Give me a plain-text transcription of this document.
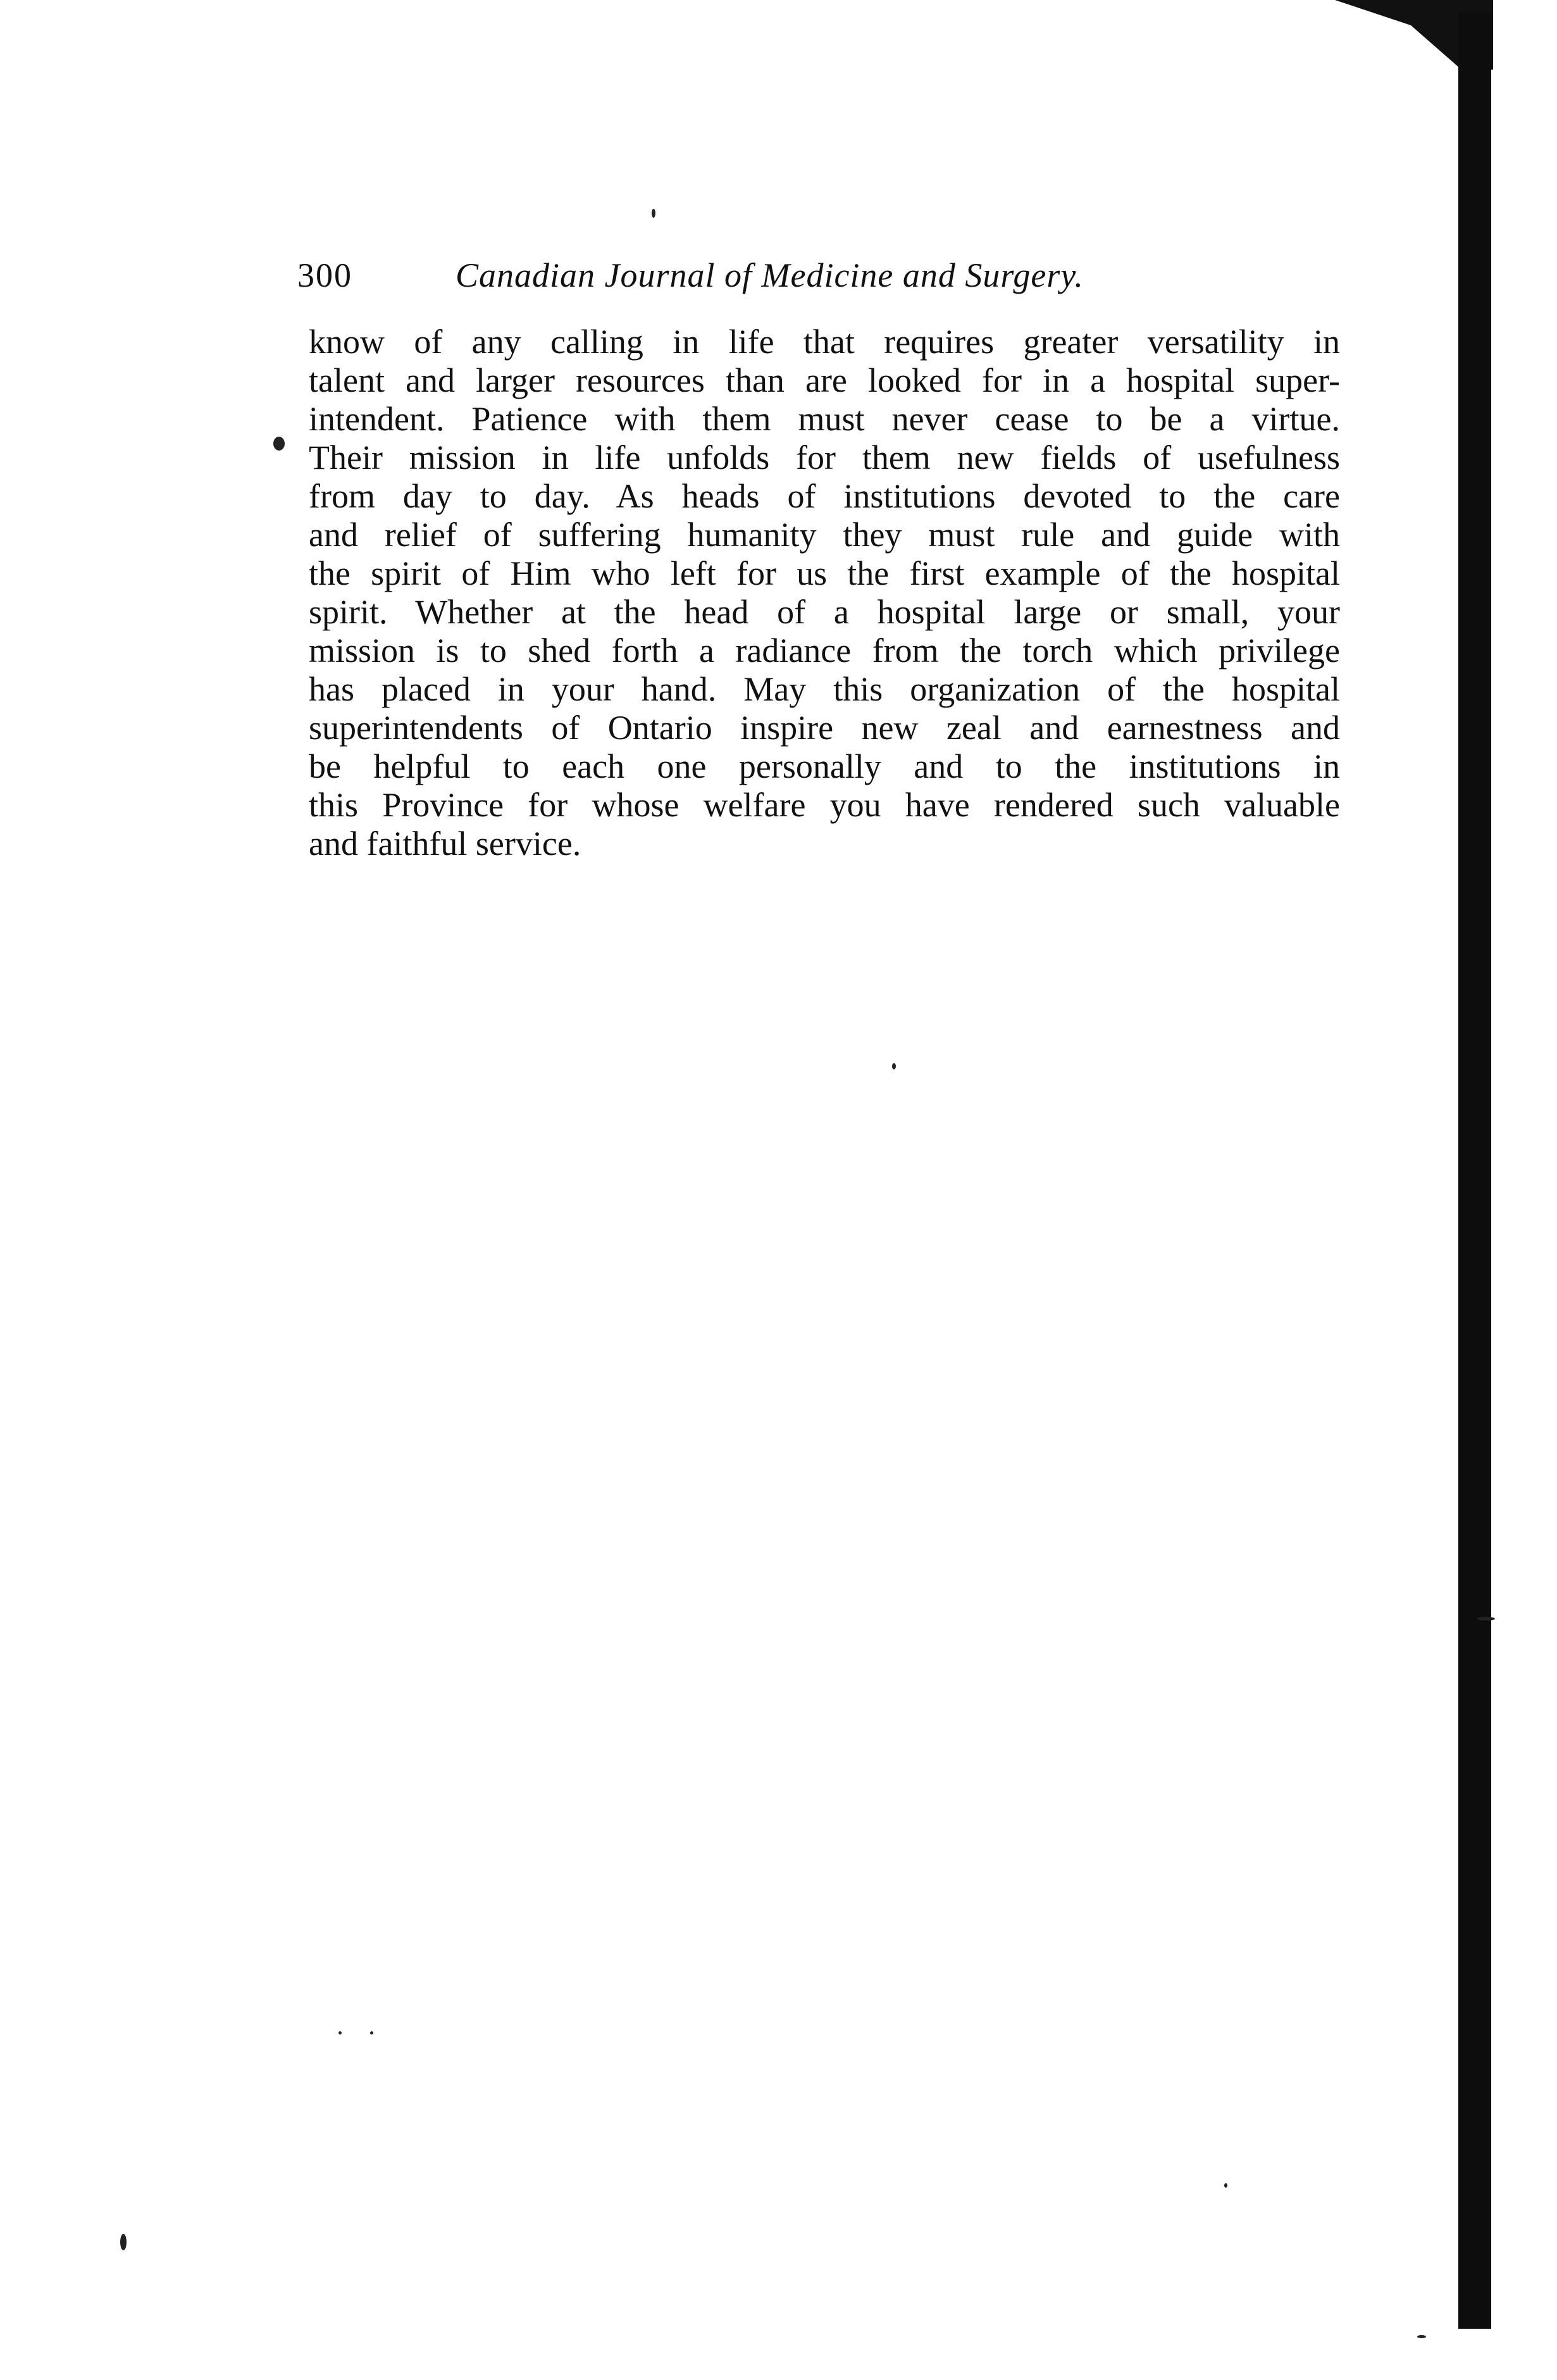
300	Canadian Journal of Medicine and Surgery.
know of any calling in life that requires greater versatility in
talent and larger resources than are looked for in a hospital super-
intendent. Patience with them must never cease to be a virtue.
Their mission in life unfolds for them new fields of usefulness
from day to day. As heads of institutions devoted to the care
and relief of suffering humanity they must rule and guide with
the spirit of Him who left for us the first example of the hospital
spirit. Whether at the head of a hospital large or small, your
mission is to shed forth a radiance from the torch which privilege
has placed in your hand. May this organization of the hospital
superintendents of Ontario inspire new zeal and earnestness and
be helpful to each one personally and to the institutions in
this Province for whose welfare you have rendered such valuable
and faithful service.
